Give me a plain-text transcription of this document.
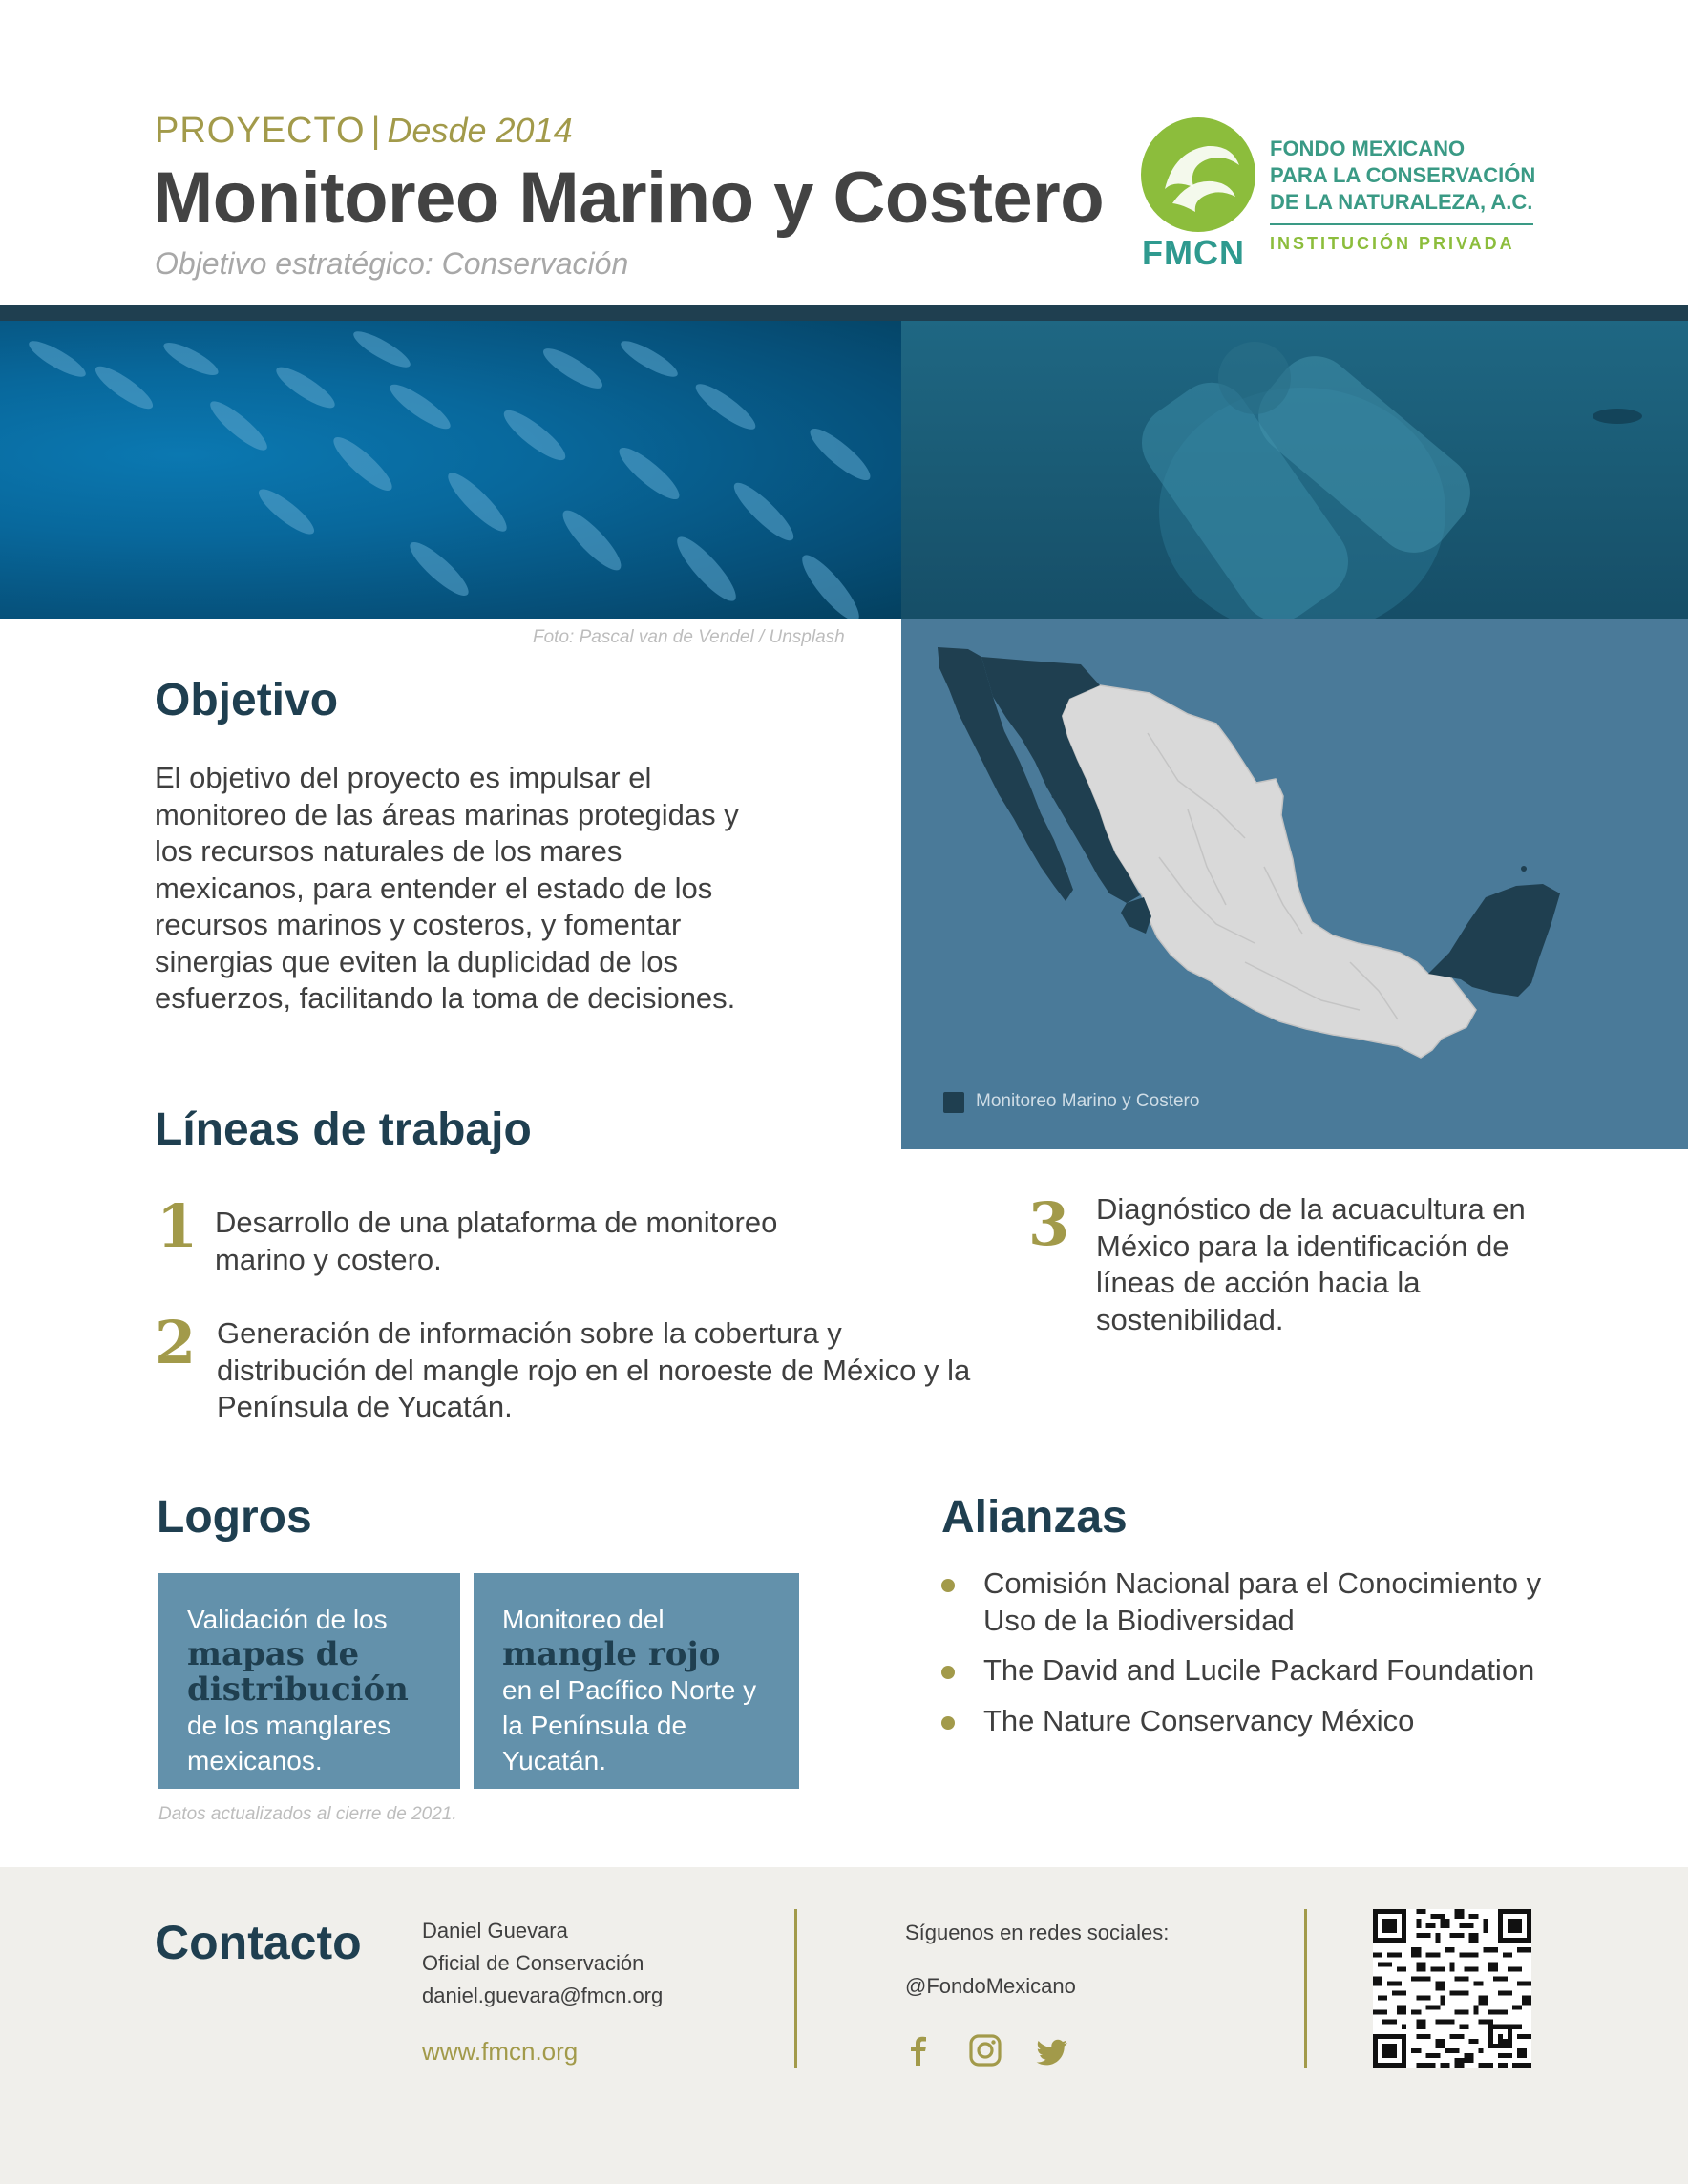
PROYECTO | Desde 2014
Monitoreo Marino y Costero
Objetivo estratégico: Conservación	FMCN
FONDO MEXICANO
PARA LA CONSERVACIÓN
DE LA NATURALEZA, A.C.
INSTITUCIÓN PRIVADA
Foto: Pascal van de Vendel / Unsplash
Monitoreo Marino y Costero
Objetivo
El objetivo del proyecto es impulsar el monitoreo de las áreas marinas protegidas y los recursos naturales de los mares mexicanos, para entender el estado de los recursos marinos y costeros, y fomentar sinergias que eviten la duplicidad de los esfuerzos, facilitando la toma de decisiones.
Líneas de trabajo
1 Desarrollo de una plataforma de monitoreo marino y costero.
2 Generación de información sobre la cobertura y distribución del mangle rojo en el noroeste de México y la Península de Yucatán.
3 Diagnóstico de la acuacultura en México para la identificación de líneas de acción hacia la sostenibilidad.
Logros
Validación de los
mapas de distribución
de los manglares mexicanos.
Monitoreo del
mangle rojo
en el Pacífico Norte y la Península de Yucatán.
Datos actualizados al cierre de 2021.
Alianzas
Comisión Nacional para el Conocimiento y Uso de la Biodiversidad
The David and Lucile Packard Foundation
The Nature Conservancy México
Contacto	Daniel Guevara
Oficial de Conservación
daniel.guevara@fmcn.org
www.fmcn.org
Síguenos en redes sociales:
@FondoMexicano
